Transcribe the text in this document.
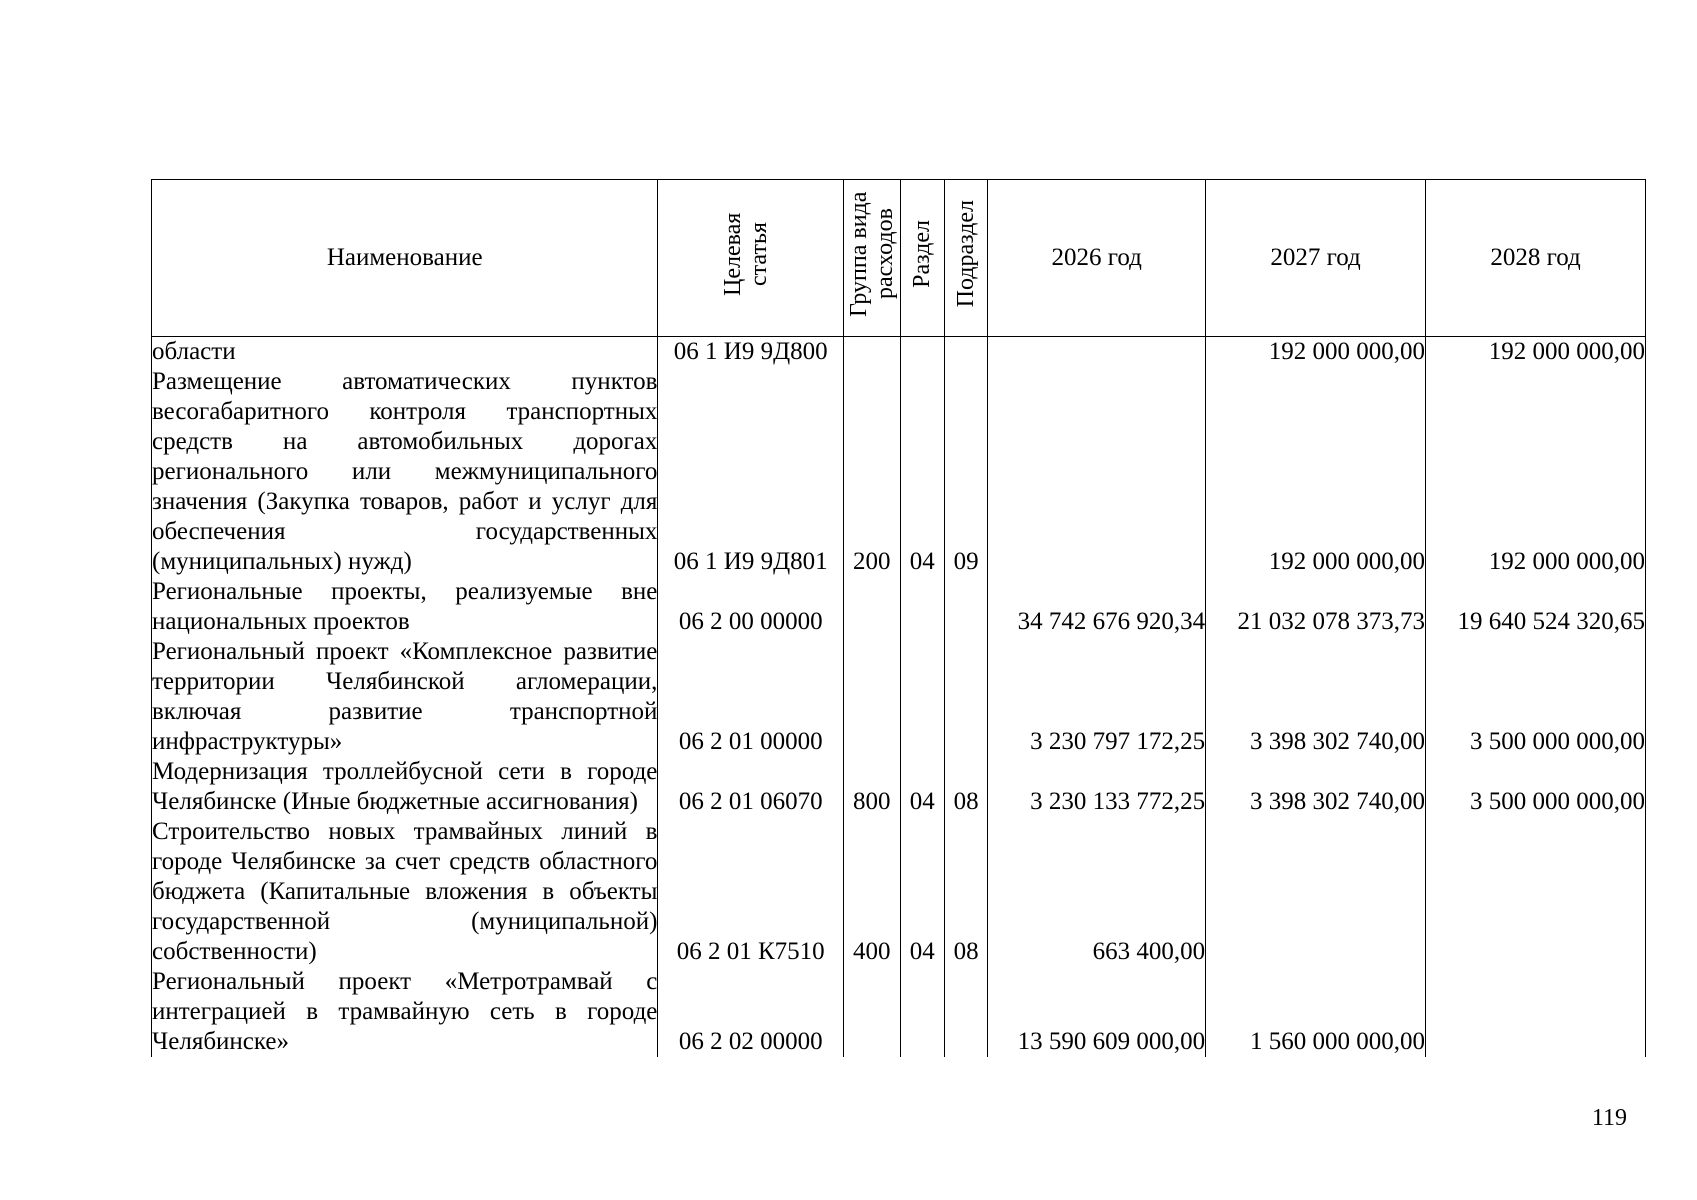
Наименование	Целевая статья	Группа вида расходов	Раздел	Подраздел	2026 год	2027 год	2028 год
области	06 1 И9 9Д800					192 000 000,00	192 000 000,00
Размещение автоматических пунктов весогабаритного контроля транспортных средств на автомобильных дорогах регионального или межмуниципального значения (Закупка товаров, работ и услуг для обеспечения государственных (муниципальных) нужд)	06 1 И9 9Д801	200	04	09		192 000 000,00	192 000 000,00
Региональные проекты, реализуемые вне национальных проектов	06 2 00 00000				34 742 676 920,34	21 032 078 373,73	19 640 524 320,65
Региональный проект «Комплексное развитие территории Челябинской агломерации, включая развитие транспортной инфраструктуры»	06 2 01 00000				3 230 797 172,25	3 398 302 740,00	3 500 000 000,00
Модернизация троллейбусной сети в городе Челябинске (Иные бюджетные ассигнования)	06 2 01 06070	800	04	08	3 230 133 772,25	3 398 302 740,00	3 500 000 000,00
Строительство новых трамвайных линий в городе Челябинске за счет средств областного бюджета (Капитальные вложения в объекты государственной (муниципальной) собственности)	06 2 01 К7510	400	04	08	663 400,00		
Региональный проект «Метротрамвай с интеграцией в трамвайную сеть в городе Челябинске»	06 2 02 00000				13 590 609 000,00	1 560 000 000,00	
119
